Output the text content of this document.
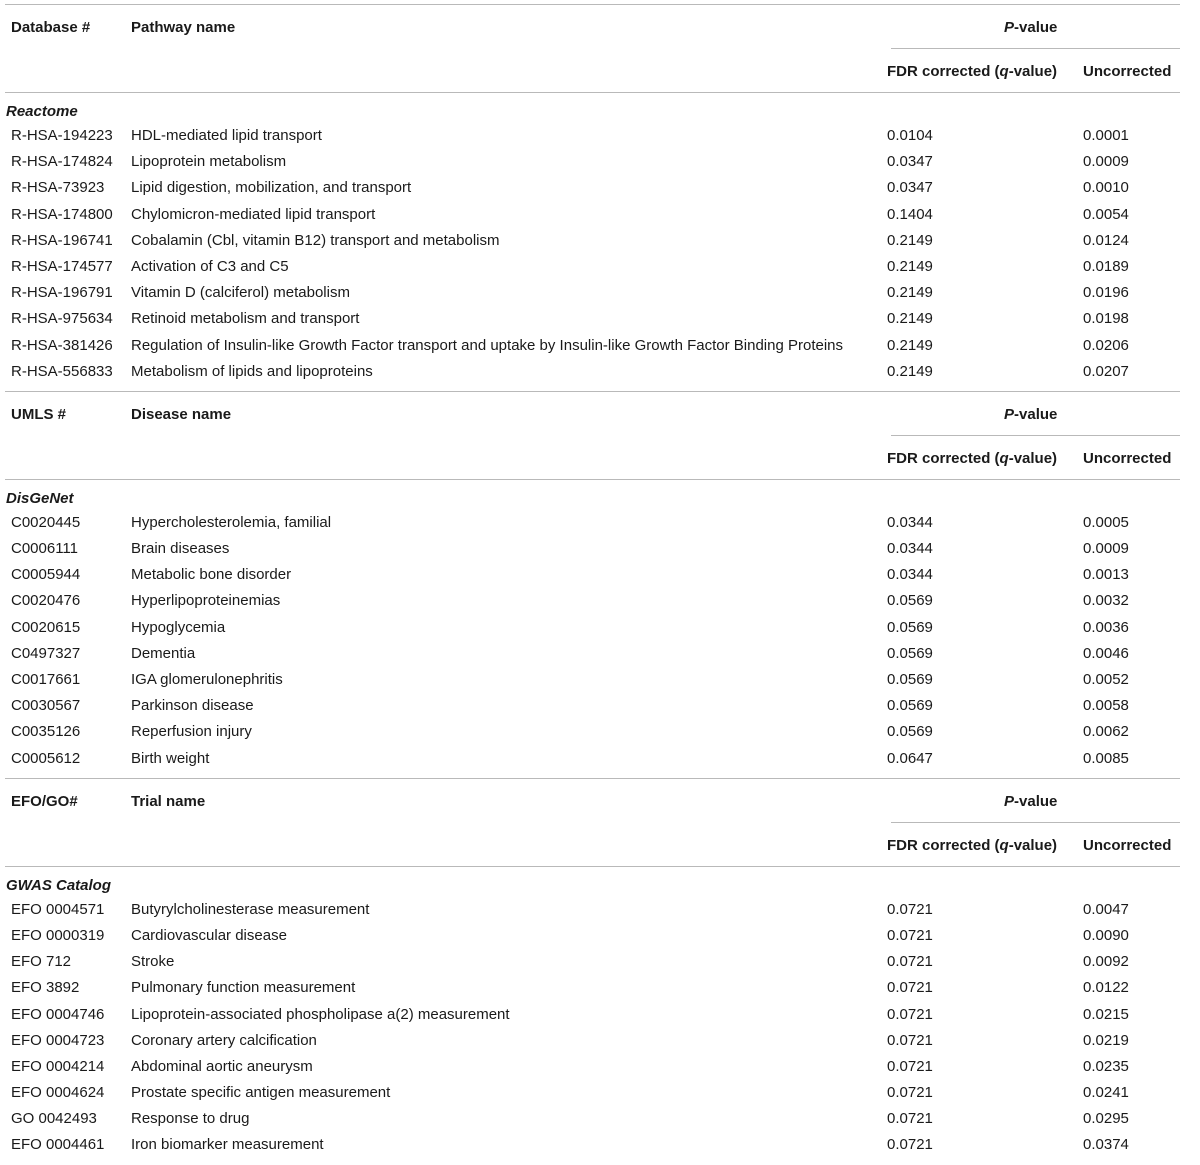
Database #	Pathway name	P-value
FDR corrected (q-value) Uncorrected
Reactome
R-HSA-194223 HDL-mediated lipid transport	0.0104	0.0001
R-HSA-174824 Lipoprotein metabolism	0.0347	0.0009
R-HSA-73923 Lipid digestion, mobilization, and transport	0.0347	0.0010
R-HSA-174800 Chylomicron-mediated lipid transport	0.1404	0.0054
R-HSA-196741 Cobalamin (Cbl, vitamin B12) transport and metabolism	0.2149	0.0124
R-HSA-174577 Activation of C3 and C5	0.2149	0.0189
R-HSA-196791 Vitamin D (calciferol) metabolism	0.2149	0.0196
R-HSA-975634 Retinoid metabolism and transport	0.2149	0.0198
R-HSA-381426 Regulation of Insulin-like Growth Factor transport and uptake by Insulin-like Growth Factor Binding Proteins	0.2149	0.0206
R-HSA-556833 Metabolism of lipids and lipoproteins	0.2149	0.0207
UMLS #	Disease name	P-value
FDR corrected (q-value) Uncorrected
DisGeNet
C0020445	Hypercholesterolemia, familial	0.0344	0.0005
C0006111	Brain diseases	0.0344	0.0009
C0005944	Metabolic bone disorder	0.0344	0.0013
C0020476	Hyperlipoproteinemias	0.0569	0.0032
C0020615	Hypoglycemia	0.0569	0.0036
C0497327	Dementia	0.0569	0.0046
C0017661	IGA glomerulonephritis	0.0569	0.0052
C0030567	Parkinson disease	0.0569	0.0058
C0035126	Reperfusion injury	0.0569	0.0062
C0005612	Birth weight	0.0647	0.0085
EFO/GO#	Trial name	P-value
FDR corrected (q-value) Uncorrected
GWAS Catalog
EFO 0004571 Butyrylcholinesterase measurement	0.0721	0.0047
EFO 0000319 Cardiovascular disease	0.0721	0.0090
EFO 712	Stroke	0.0721	0.0092
EFO 3892	Pulmonary function measurement	0.0721	0.0122
EFO 0004746 Lipoprotein-associated phospholipase a(2) measurement	0.0721	0.0215
EFO 0004723 Coronary artery calcification	0.0721	0.0219
EFO 0004214 Abdominal aortic aneurysm	0.0721	0.0235
EFO 0004624 Prostate specific antigen measurement	0.0721	0.0241
GO 0042493 Response to drug	0.0721	0.0295
EFO 0004461 Iron biomarker measurement	0.0721	0.0374
